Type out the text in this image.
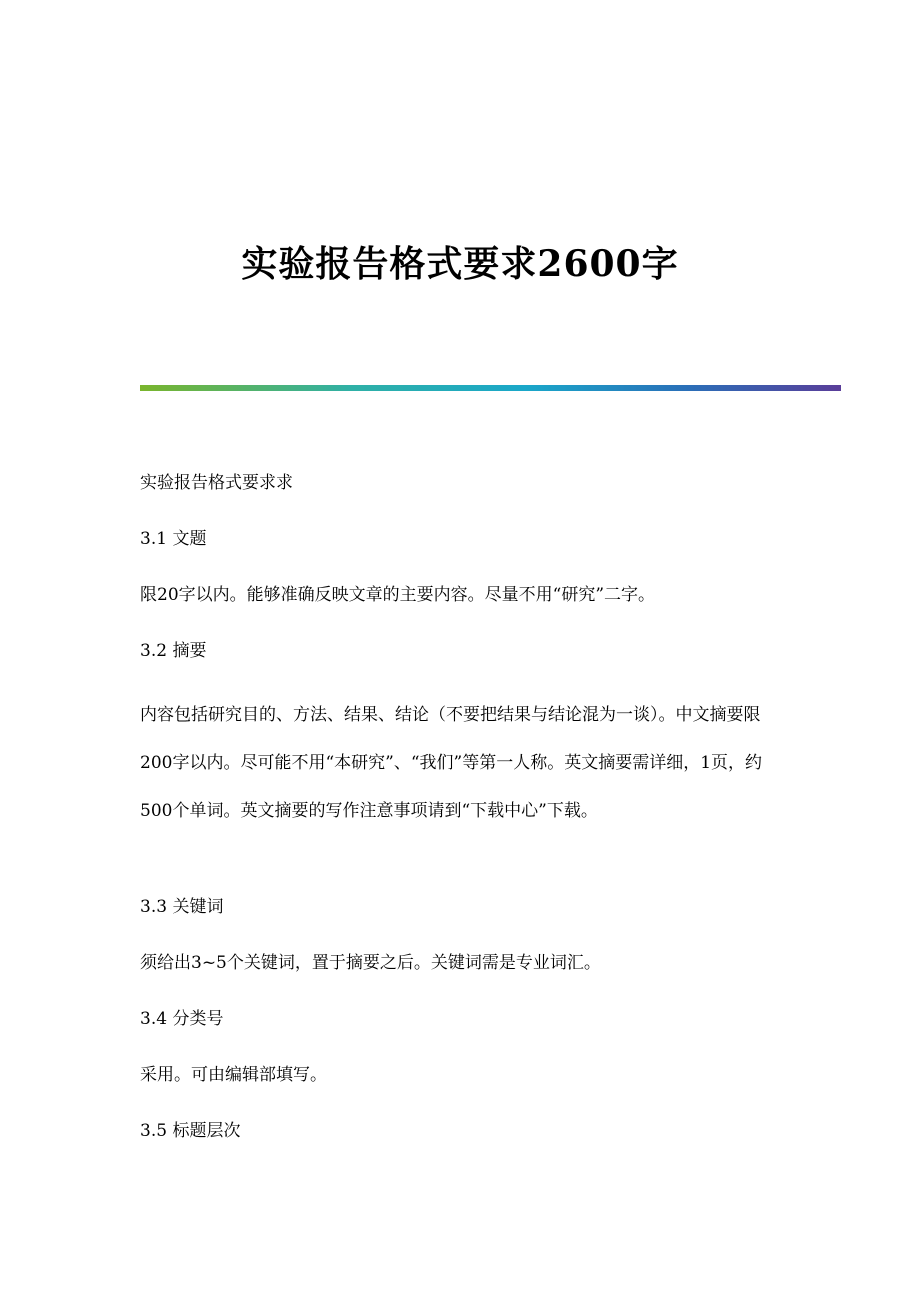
实验报告格式要求2600字

实验报告格式要求求

3.1 文题

限20字以内。能够准确反映文章的主要内容。尽量不用“研究”二字。

3.2 摘要

内容包括研究目的、方法、结果、结论（不要把结果与结论混为一谈）。中文摘要限200字以内。尽可能不用“本研究”、“我们”等第一人称。英文摘要需详细，1页，约500个单词。英文摘要的写作注意事项请到“下载中心”下载。

3.3 关键词

须给出3~5个关键词，置于摘要之后。关键词需是专业词汇。

3.4 分类号

采用。可由编辑部填写。

3.5 标题层次
